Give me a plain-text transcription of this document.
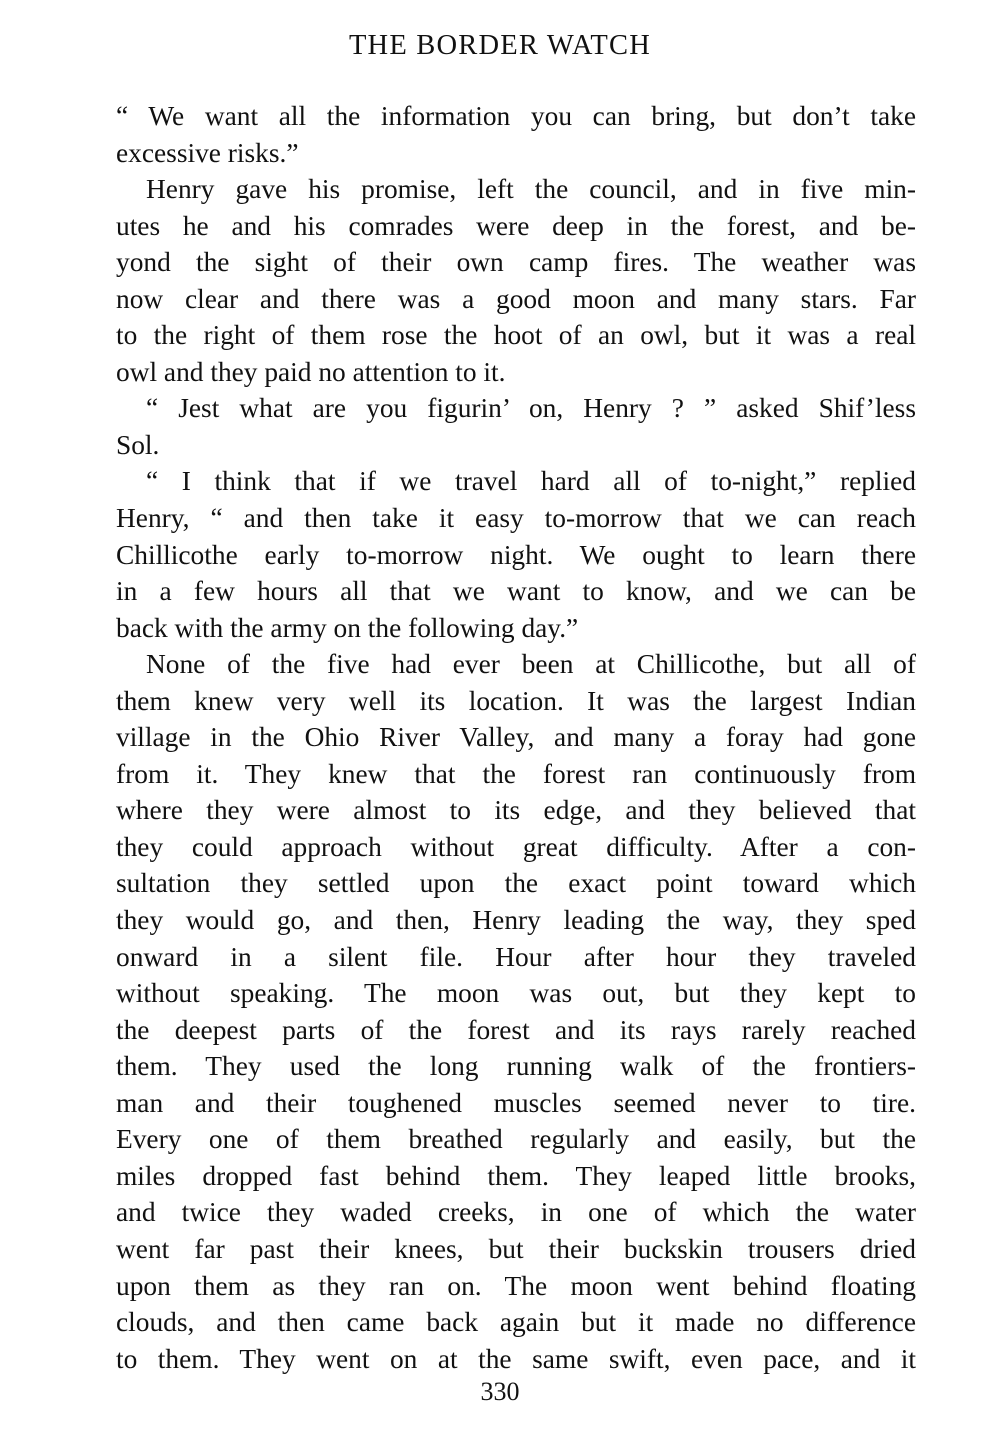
THE BORDER WATCH
“ We want all the information you can bring, but don’t take
excessive risks.”
Henry gave his promise, left the council, and in five min-
utes he and his comrades were deep in the forest, and be-
yond the sight of their own camp fires. The weather was
now clear and there was a good moon and many stars. Far
to the right of them rose the hoot of an owl, but it was a real
owl and they paid no attention to it.
“ Jest what are you figurin’ on, Henry ? ” asked Shif’less
Sol.
“ I think that if we travel hard all of to-night,” replied
Henry, “ and then take it easy to-morrow that we can reach
Chillicothe early to-morrow night. We ought to learn there
in a few hours all that we want to know, and we can be
back with the army on the following day.”
None of the five had ever been at Chillicothe, but all of
them knew very well its location. It was the largest Indian
village in the Ohio River Valley, and many a foray had gone
from it. They knew that the forest ran continuously from
where they were almost to its edge, and they believed that
they could approach without great difficulty. After a con-
sultation they settled upon the exact point toward which
they would go, and then, Henry leading the way, they sped
onward in a silent file. Hour after hour they traveled
without speaking. The moon was out, but they kept to
the deepest parts of the forest and its rays rarely reached
them. They used the long running walk of the frontiers-
man and their toughened muscles seemed never to tire.
Every one of them breathed regularly and easily, but the
miles dropped fast behind them. They leaped little brooks,
and twice they waded creeks, in one of which the water
went far past their knees, but their buckskin trousers dried
upon them as they ran on. The moon went behind floating
clouds, and then came back again but it made no difference
to them. They went on at the same swift, even pace, and it
330
